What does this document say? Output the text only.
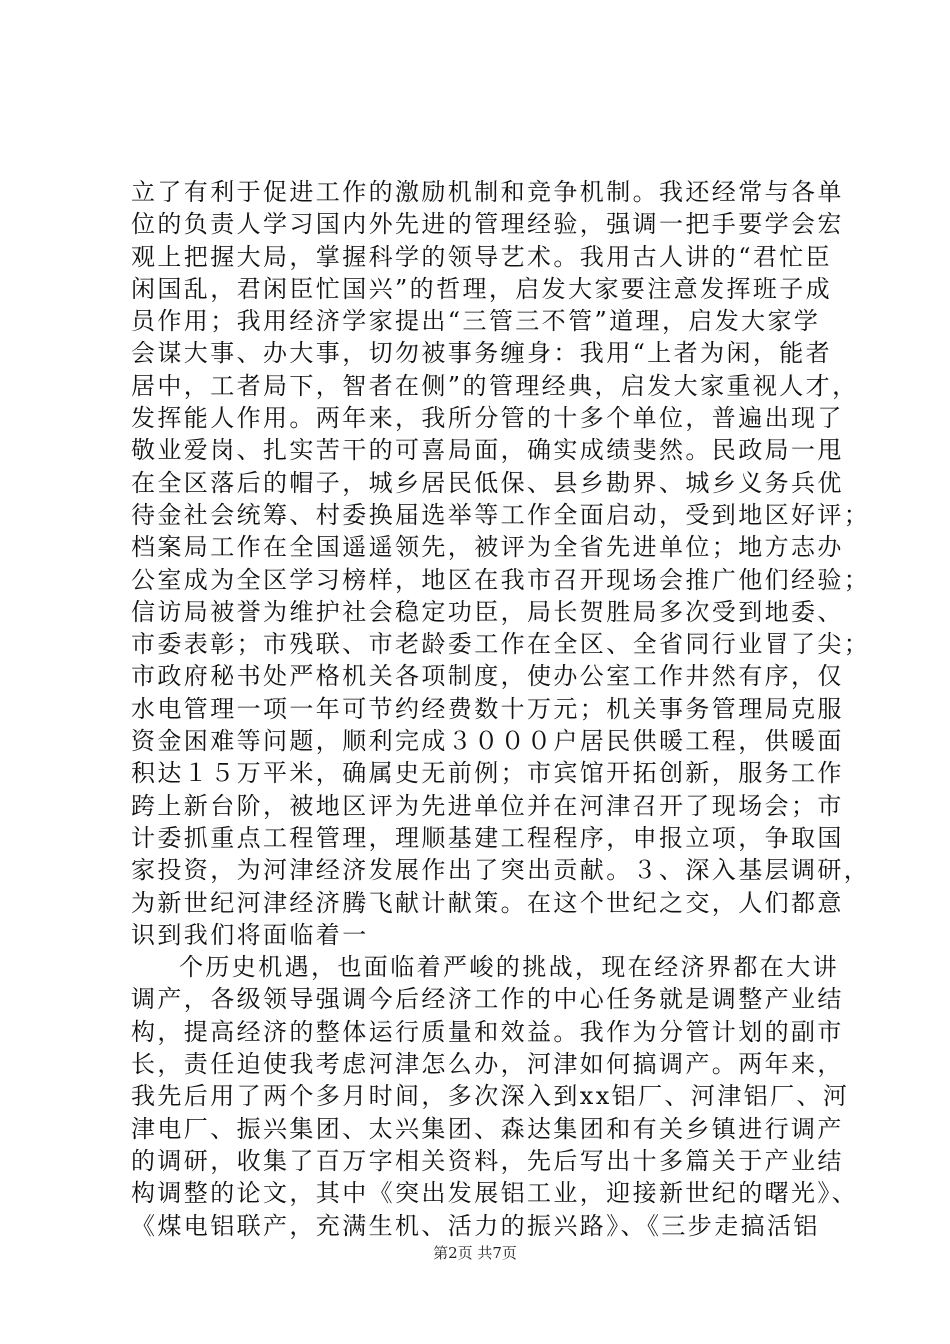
立了有利于促进工作的激励机制和竞争机制。我还经常与各单
位的负责人学习国内外先进的管理经验，强调一把手要学会宏
观上把握大局，掌握科学的领导艺术。我用古人讲的“君忙臣
闲国乱，君闲臣忙国兴”的哲理，启发大家要注意发挥班子成
员作用；我用经济学家提出“三管三不管”道理，启发大家学
会谋大事、办大事，切勿被事务缠身：我用“上者为闲，能者
居中，工者局下，智者在侧”的管理经典，启发大家重视人才，
发挥能人作用。两年来，我所分管的十多个单位，普遍出现了
敬业爱岗、扎实苦干的可喜局面，确实成绩斐然。民政局一甩
在全区落后的帽子，城乡居民低保、县乡勘界、城乡义务兵优
待金社会统筹、村委换届选举等工作全面启动，受到地区好评；
档案局工作在全国遥遥领先，被评为全省先进单位；地方志办
公室成为全区学习榜样，地区在我市召开现场会推广他们经验；
信访局被誉为维护社会稳定功臣，局长贺胜局多次受到地委、
市委表彰；市残联、市老龄委工作在全区、全省同行业冒了尖；
市政府秘书处严格机关各项制度，使办公室工作井然有序，仅
水电管理一项一年可节约经费数十万元；机关事务管理局克服
资金困难等问题，顺利完成３０００户居民供暖工程，供暖面
积达１５万平米，确属史无前例；市宾馆开拓创新，服务工作
跨上新台阶，被地区评为先进单位并在河津召开了现场会；市
计委抓重点工程管理，理顺基建工程程序，申报立项，争取国
家投资，为河津经济发展作出了突出贡献。３、深入基层调研，
为新世纪河津经济腾飞献计献策。在这个世纪之交，人们都意
识到我们将面临着一
个历史机遇，也面临着严峻的挑战，现在经济界都在大讲
调产，各级领导强调今后经济工作的中心任务就是调整产业结
构，提高经济的整体运行质量和效益。我作为分管计划的副市
长，责任迫使我考虑河津怎么办，河津如何搞调产。两年来，
我先后用了两个多月时间，多次深入到xx铝厂、河津铝厂、河
津电厂、振兴集团、太兴集团、森达集团和有关乡镇进行调产
的调研，收集了百万字相关资料，先后写出十多篇关于产业结
构调整的论文，其中《突出发展铝工业，迎接新世纪的曙光》、
《煤电铝联产，充满生机、活力的振兴路》、《三步走搞活铝
第2页 共7页
